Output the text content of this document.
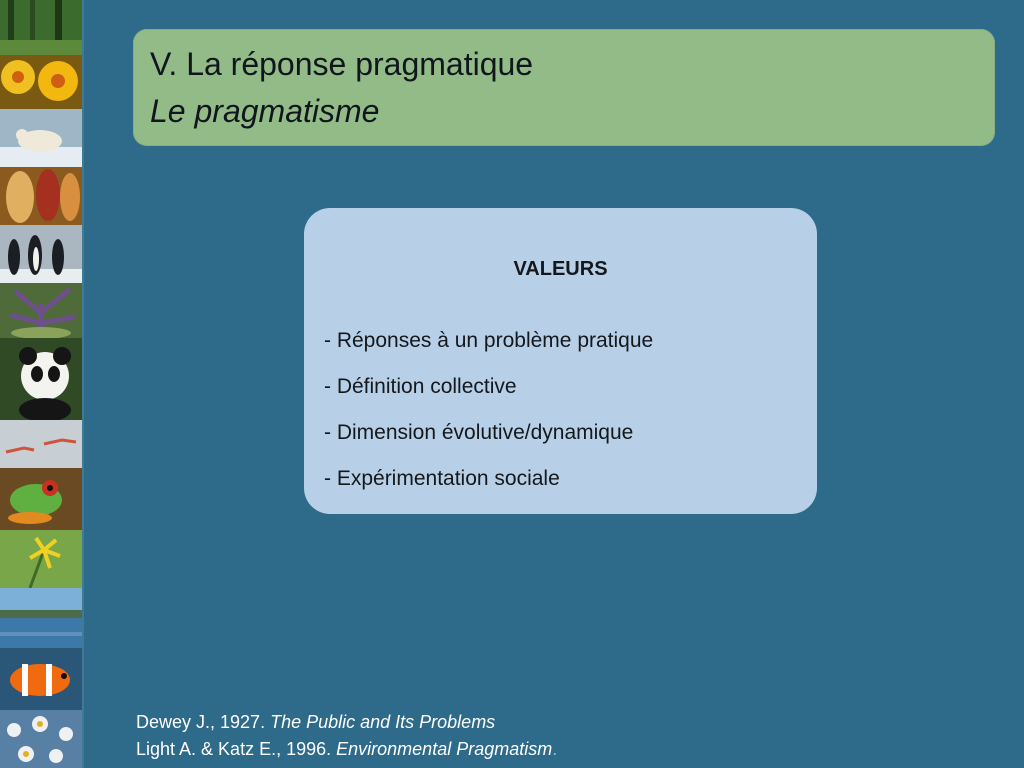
V. La réponse pragmatique
Le pragmatisme
VALEURS
- Réponses à un problème pratique
- Définition collective
- Dimension évolutive/dynamique
- Expérimentation sociale
Dewey J., 1927. The Public and Its Problems
Light A. & Katz E., 1996. Environmental Pragmatism.
